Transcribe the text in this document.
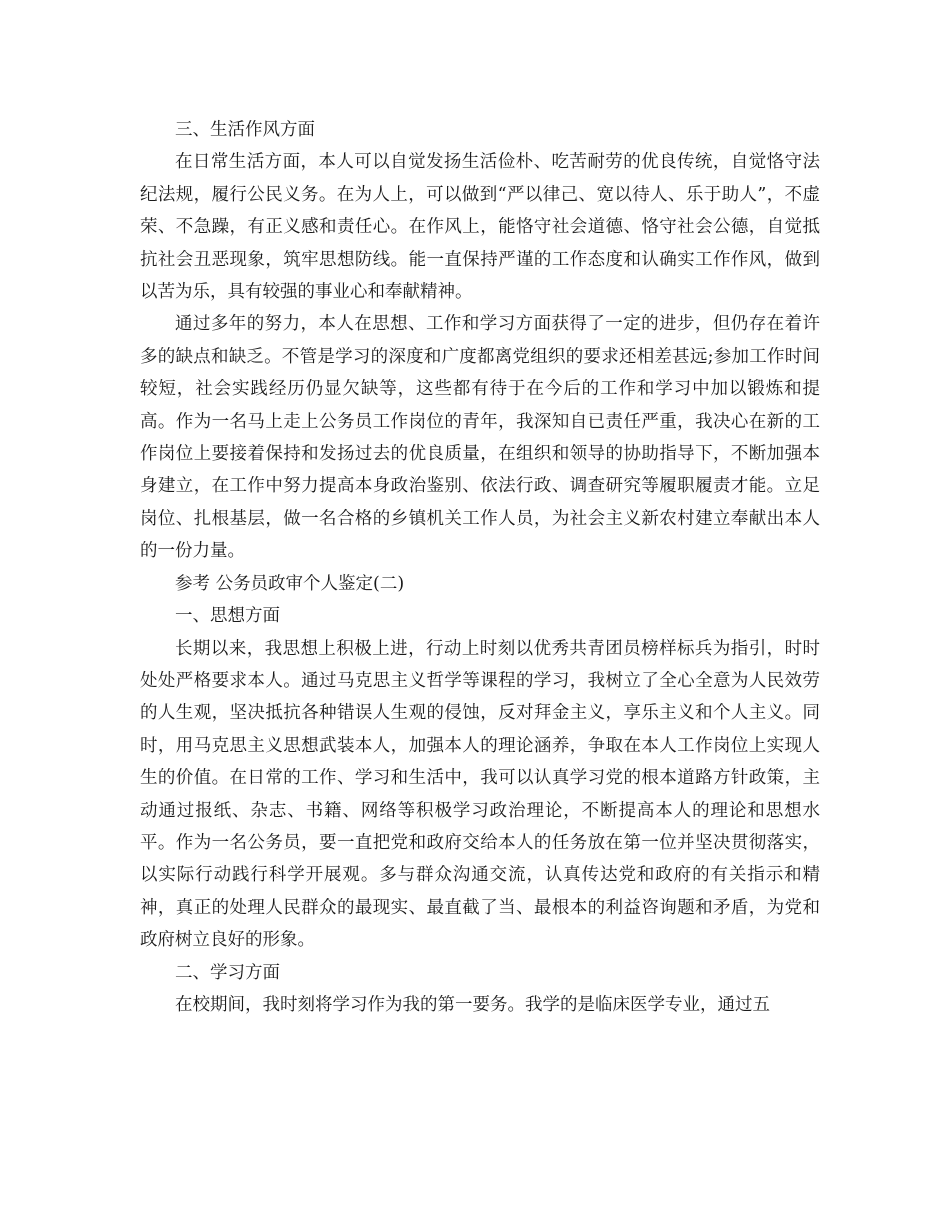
三、生活作风方面

在日常生活方面，本人可以自觉发扬生活俭朴、吃苦耐劳的优良传统，自觉恪守法纪法规，履行公民义务。在为人上，可以做到“严以律己、宽以待人、乐于助人”，不虚荣、不急躁，有正义感和责任心。在作风上，能恪守社会道德、恪守社会公德，自觉抵抗社会丑恶现象，筑牢思想防线。能一直保持严谨的工作态度和认确实工作作风，做到以苦为乐，具有较强的事业心和奉献精神。

通过多年的努力，本人在思想、工作和学习方面获得了一定的进步，但仍存在着许多的缺点和缺乏。不管是学习的深度和广度都离党组织的要求还相差甚远;参加工作时间较短，社会实践经历仍显欠缺等，这些都有待于在今后的工作和学习中加以锻炼和提高。作为一名马上走上公务员工作岗位的青年，我深知自已责任严重，我决心在新的工作岗位上要接着保持和发扬过去的优良质量，在组织和领导的协助指导下，不断加强本身建立，在工作中努力提高本身政治鉴别、依法行政、调查研究等履职履责才能。立足岗位、扎根基层，做一名合格的乡镇机关工作人员，为社会主义新农村建立奉献出本人的一份力量。

参考 公务员政审个人鉴定(二)

一、思想方面

长期以来，我思想上积极上进，行动上时刻以优秀共青团员榜样标兵为指引，时时处处严格要求本人。通过马克思主义哲学等课程的学习，我树立了全心全意为人民效劳的人生观，坚决抵抗各种错误人生观的侵蚀，反对拜金主义，享乐主义和个人主义。同时，用马克思主义思想武装本人，加强本人的理论涵养，争取在本人工作岗位上实现人生的价值。在日常的工作、学习和生活中，我可以认真学习党的根本道路方针政策，主动通过报纸、杂志、书籍、网络等积极学习政治理论，不断提高本人的理论和思想水平。作为一名公务员，要一直把党和政府交给本人的任务放在第一位并坚决贯彻落实，以实际行动践行科学开展观。多与群众沟通交流，认真传达党和政府的有关指示和精神，真正的处理人民群众的最现实、最直截了当、最根本的利益咨询题和矛盾，为党和政府树立良好的形象。

二、学习方面

在校期间，我时刻将学习作为我的第一要务。我学的是临床医学专业，通过五
